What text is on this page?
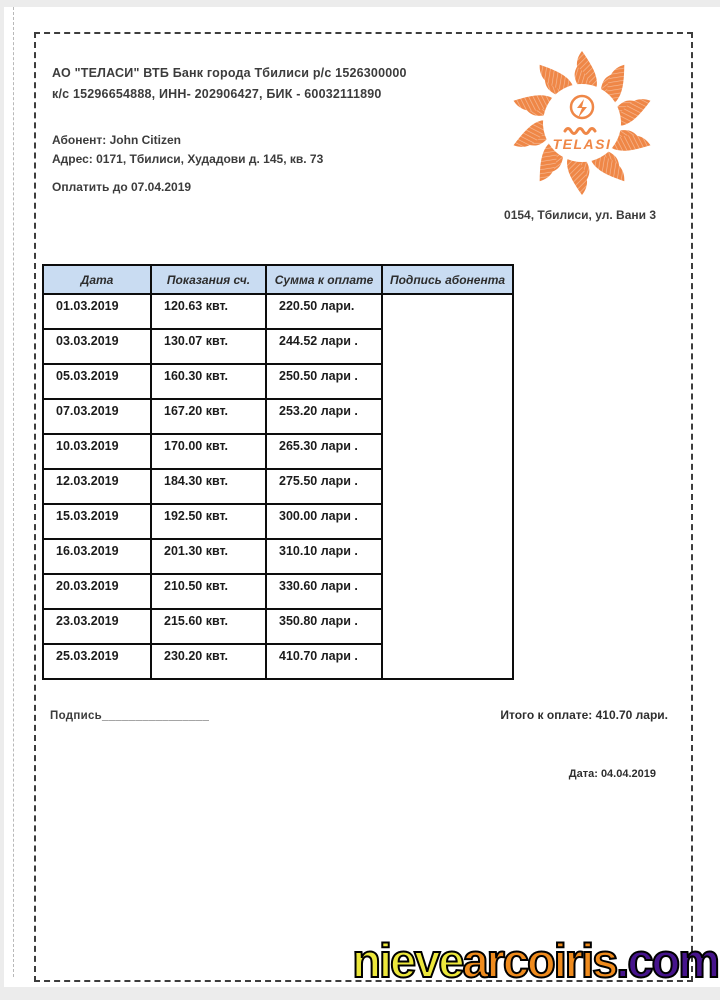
АО "ТЕЛАСИ" ВТБ Банк города Тбилиси р/с 1526300000
к/с 15296654888, ИНН- 202906427, БИК - 60032111890
Абонент: John Citizen
Адрес: 0171, Тбилиси, Худадови д. 145, кв. 73
Оплатить до 07.04.2019
TELASI
0154, Тбилиси, ул. Вани 3
Дата	Показания сч.	Сумма к оплате	Подпись абонента
01.03.2019	120.63 квт.	220.50 лари.	
03.03.2019	130.07 квт.	244.52 лари .	
05.03.2019	160.30 квт.	250.50 лари .	
07.03.2019	167.20 квт.	253.20 лари .	
10.03.2019	170.00 квт.	265.30 лари .	
12.03.2019	184.30 квт.	275.50 лари .	
15.03.2019	192.50 квт.	300.00 лари .	
16.03.2019	201.30 квт.	310.10 лари .	
20.03.2019	210.50 квт.	330.60 лари .	
23.03.2019	215.60 квт.	350.80 лари .	
25.03.2019	230.20 квт.	410.70 лари .	
Подпись________________	Итого к оплате: 410.70 лари.
Дата: 04.04.2019
nievearcoiris.com
